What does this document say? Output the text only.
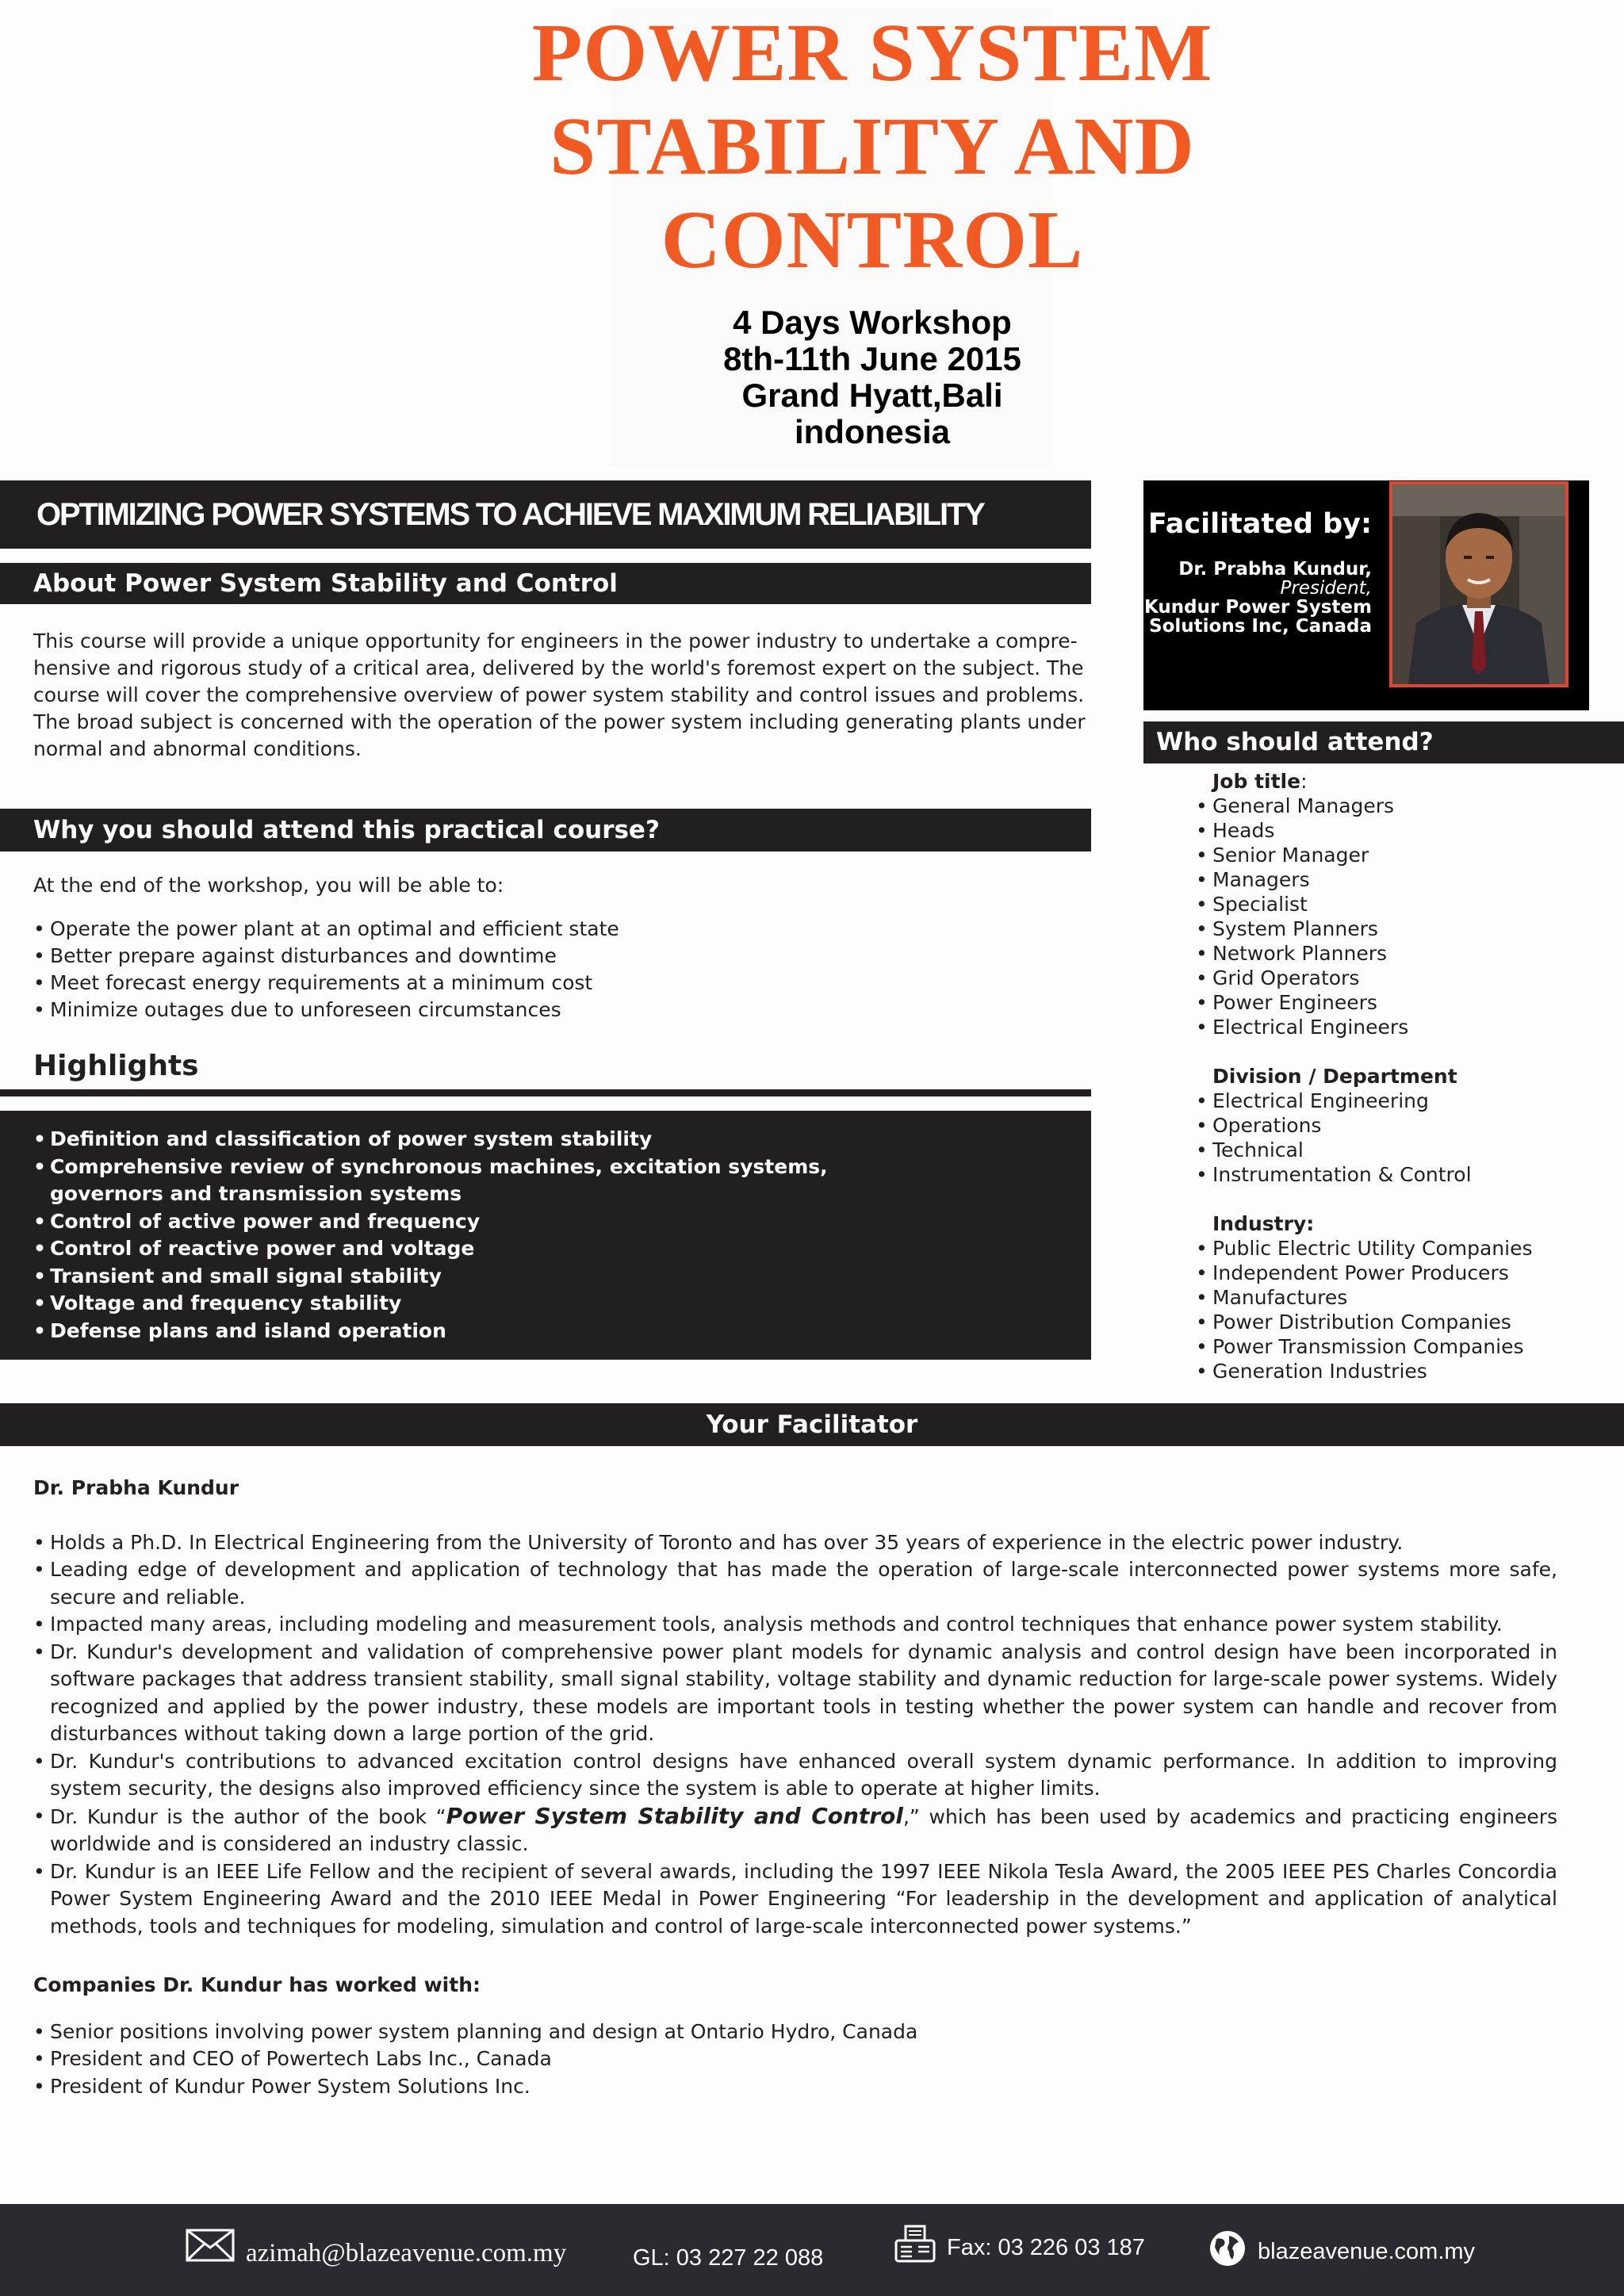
POWER SYSTEM
STABILITY AND
CONTROL
4 Days Workshop
8th-11th June 2015
Grand Hyatt,Bali
indonesia
OPTIMIZING POWER SYSTEMS TO ACHIEVE MAXIMUM RELIABILITY
About Power System Stability and Control
This course will provide a unique opportunity for engineers in the power industry to undertake a compre-
hensive and rigorous study of a critical area, delivered by the world's foremost expert on the subject. The
course will cover the comprehensive overview of power system stability and control issues and problems.
The broad subject is concerned with the operation of the power system including generating plants under
normal and abnormal conditions.
Why you should attend this practical course?
At the end of the workshop, you will be able to:
• Operate the power plant at an optimal and efficient state
• Better prepare against disturbances and downtime
• Meet forecast energy requirements at a minimum cost
• Minimize outages due to unforeseen circumstances
Highlights
• Definition and classification of power system stability
• Comprehensive review of synchronous machines, excitation systems, governors and transmission systems
• Control of active power and frequency
• Control of reactive power and voltage
• Transient and small signal stability
• Voltage and frequency stability
• Defense plans and island operation
Facilitated by:
Dr. Prabha Kundur,
President,
Kundur Power System
Solutions Inc, Canada
Who should attend?
Job title:
• General Managers
• Heads
• Senior Manager
• Managers
• Specialist
• System Planners
• Network Planners
• Grid Operators
• Power Engineers
• Electrical Engineers
Division / Department
• Electrical Engineering
• Operations
• Technical
• Instrumentation & Control
Industry:
• Public Electric Utility Companies
• Independent Power Producers
• Manufactures
• Power Distribution Companies
• Power Transmission Companies
• Generation Industries
Your Facilitator
Dr. Prabha Kundur
• Holds a Ph.D. In Electrical Engineering from the University of Toronto and has over 35 years of experience in the electric power industry.
• Leading edge of development and application of technology that has made the operation of large-scale interconnected power systems more safe, secure and reliable.
• Impacted many areas, including modeling and measurement tools, analysis methods and control techniques that enhance power system stability.
• Dr. Kundur's development and validation of comprehensive power plant models for dynamic analysis and control design have been incorporated in software packages that address transient stability, small signal stability, voltage stability and dynamic reduction for large-scale power systems. Widely recognized and applied by the power industry, these models are important tools in testing whether the power system can handle and recover from disturbances without taking down a large portion of the grid.
• Dr. Kundur's contributions to advanced excitation control designs have enhanced overall system dynamic performance. In addition to improving system security, the designs also improved efficiency since the system is able to operate at higher limits.
• Dr. Kundur is the author of the book “Power System Stability and Control,” which has been used by academics and practicing engineers worldwide and is considered an industry classic.
• Dr. Kundur is an IEEE Life Fellow and the recipient of several awards, including the 1997 IEEE Nikola Tesla Award, the 2005 IEEE PES Charles Concordia Power System Engineering Award and the 2010 IEEE Medal in Power Engineering “For leadership in the development and application of analytical methods, tools and techniques for modeling, simulation and control of large-scale interconnected power systems.”
Companies Dr. Kundur has worked with:
• Senior positions involving power system planning and design at Ontario Hydro, Canada
• President and CEO of Powertech Labs Inc., Canada
• President of Kundur Power System Solutions Inc.
azimah@blazeavenue.com.my	GL: 03 227 22 088	Fax: 03 226 03 187	blazeavenue.com.my
